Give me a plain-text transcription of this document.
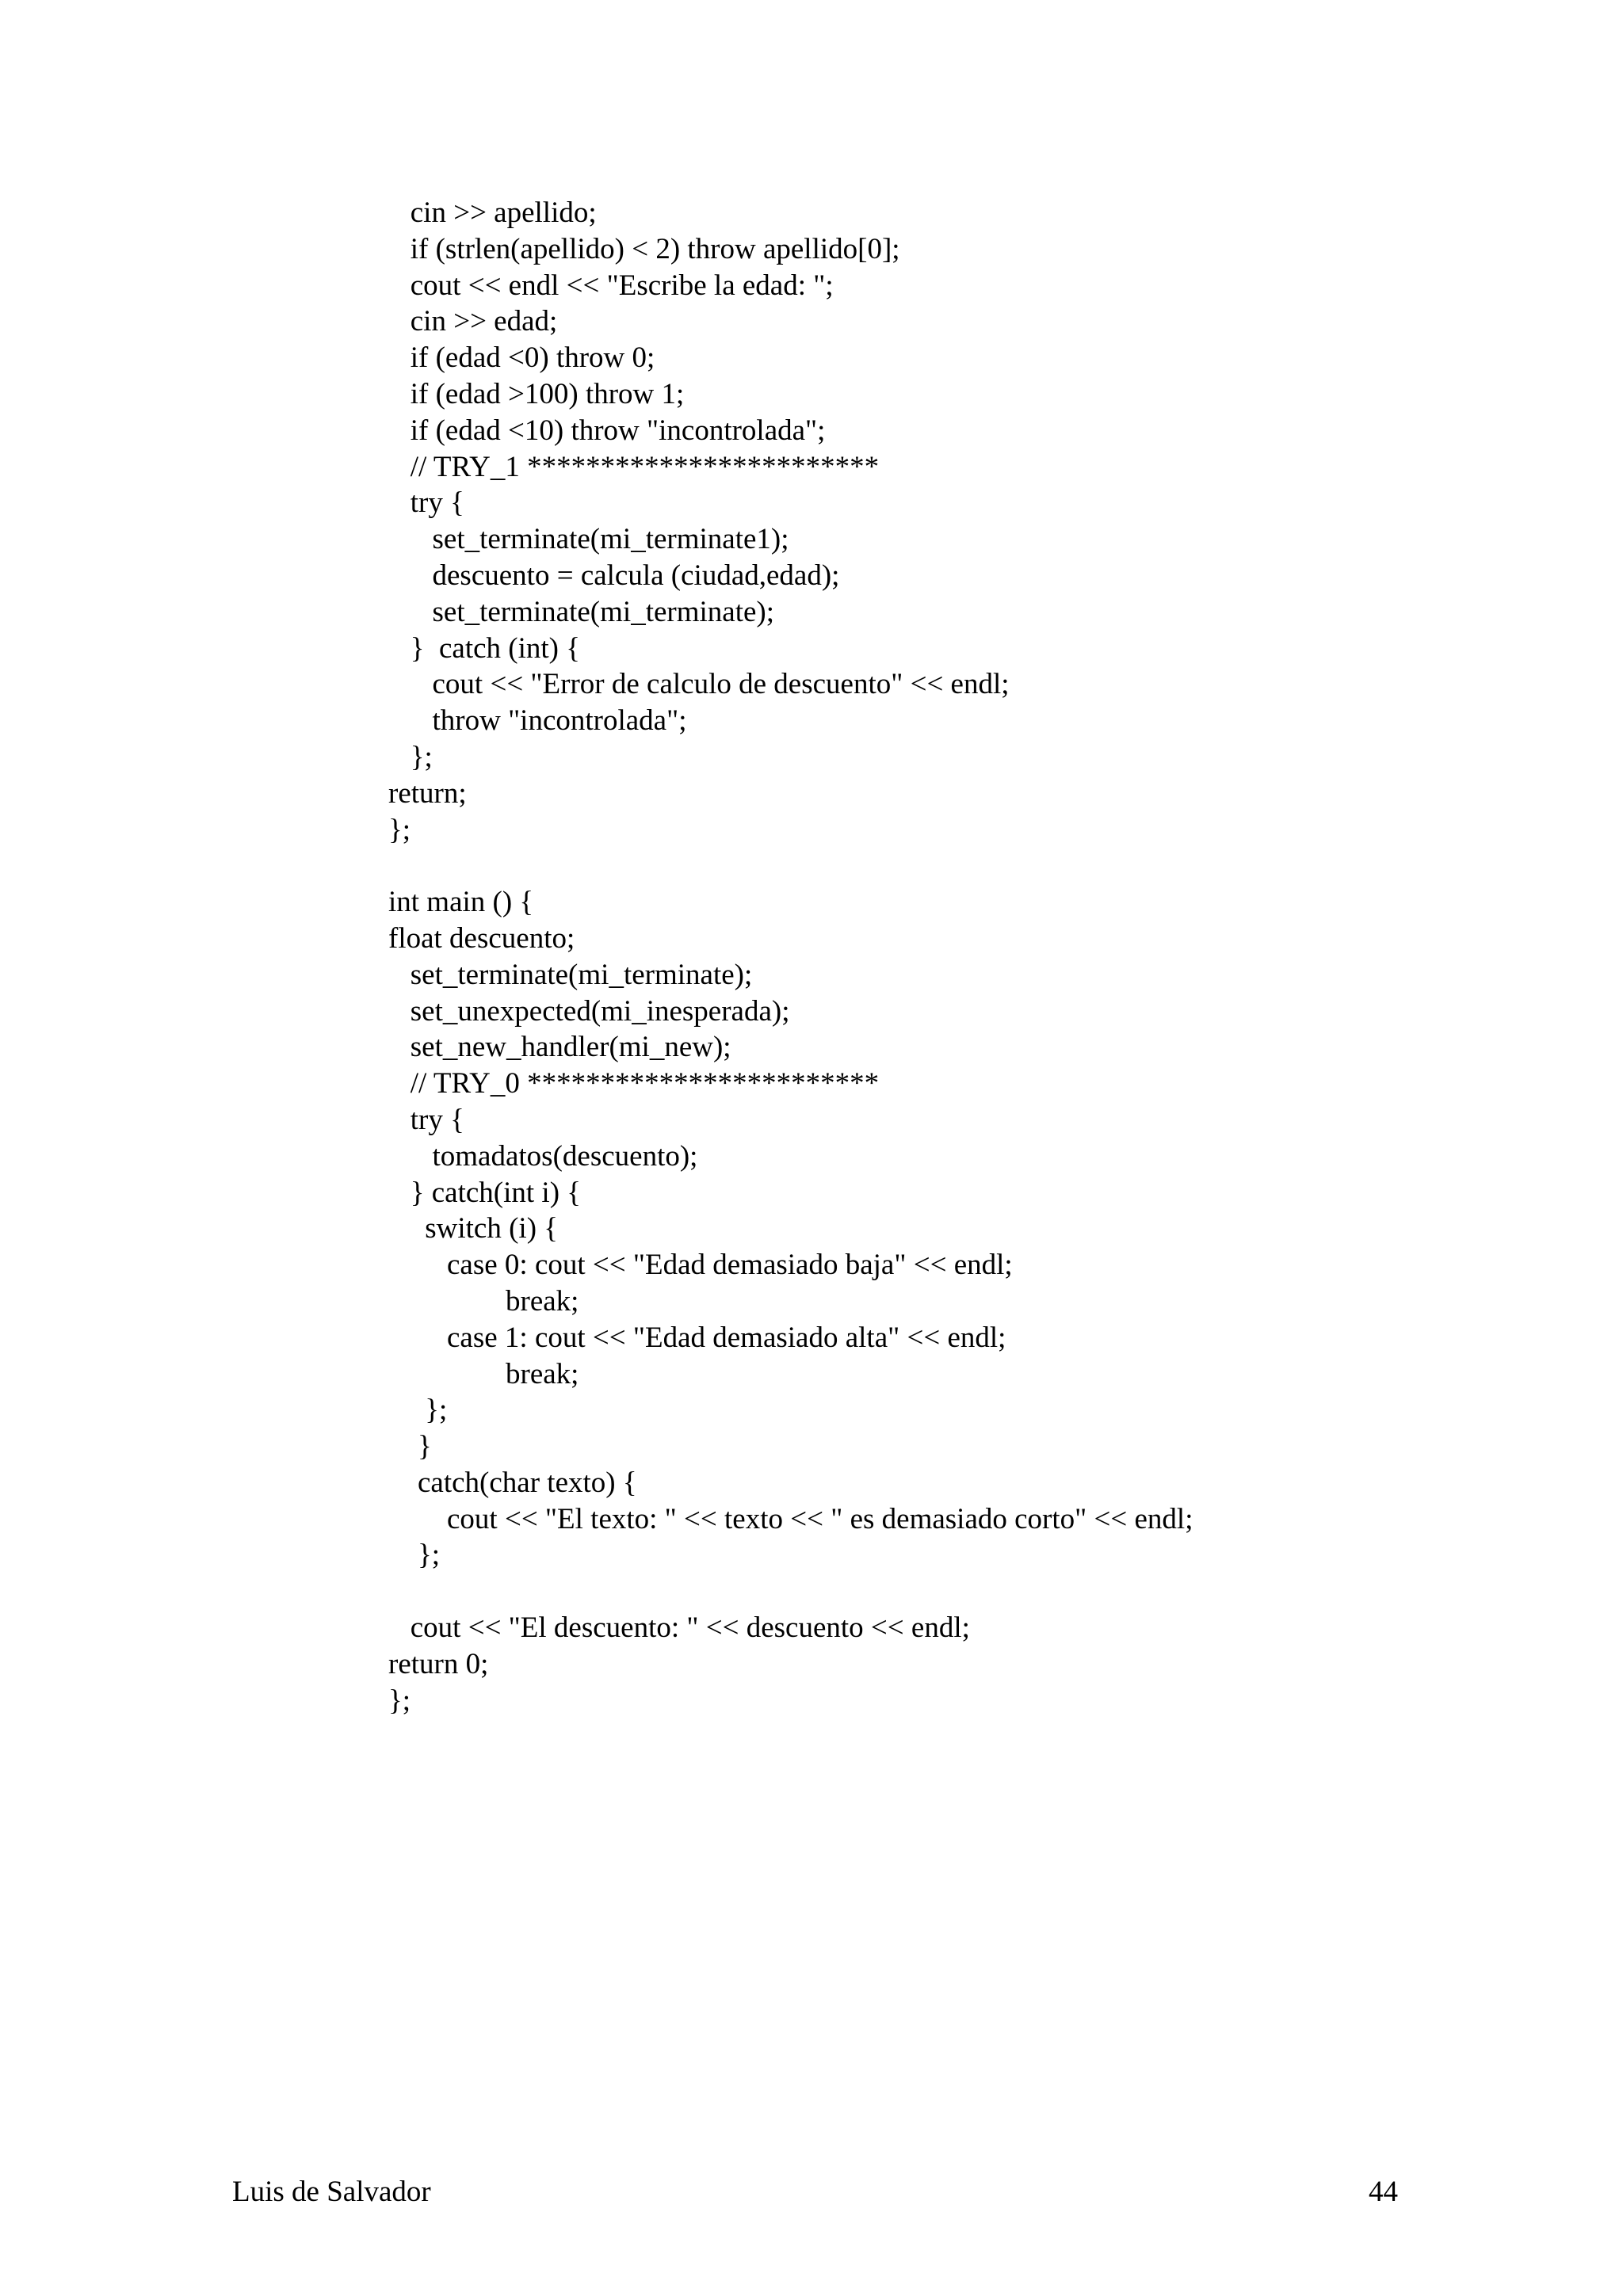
cin >> apellido;
if (strlen(apellido) < 2) throw apellido[0];
cout << endl << "Escribe la edad: ";
cin >> edad;
if (edad <0) throw 0;
if (edad >100) throw 1;
if (edad <10) throw "incontrolada";
// TRY_1 ************************
try {
set_terminate(mi_terminate1);
descuento = calcula (ciudad,edad);
set_terminate(mi_terminate);
}  catch (int) {
cout << "Error de calculo de descuento" << endl;
throw "incontrolada";
};
return;
};
int main () {
float descuento;
set_terminate(mi_terminate);
set_unexpected(mi_inesperada);
set_new_handler(mi_new);
// TRY_0 ************************
try {
tomadatos(descuento);
} catch(int i) {
switch (i) {
case 0: cout << "Edad demasiado baja" << endl;
break;
case 1: cout << "Edad demasiado alta" << endl;
break;
};
}
catch(char texto) {
cout << "El texto: " << texto << " es demasiado corto" << endl;
};
cout << "El descuento: " << descuento << endl;
return 0;
};
Luis de Salvador	44
